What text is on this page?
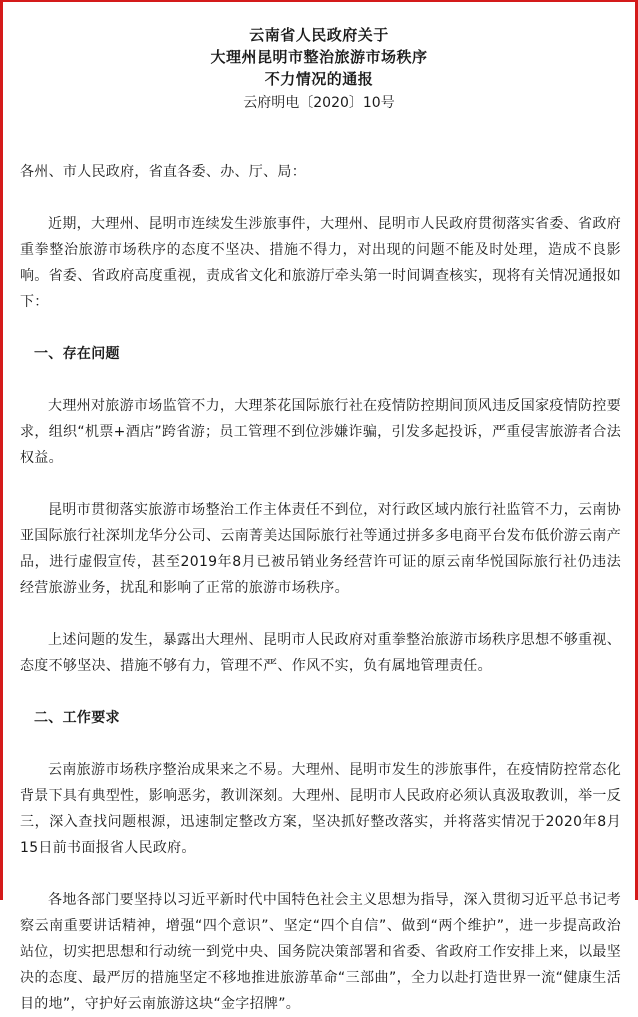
云南省人民政府关于
大理州昆明市整治旅游市场秩序
不力情况的通报
云府明电〔2020〕10号
各州、市人民政府，省直各委、办、厅、局：
近期，大理州、昆明市连续发生涉旅事件，大理州、昆明市人民政府贯彻落实省委、省政府重拳整治旅游市场秩序的态度不坚决、措施不得力，对出现的问题不能及时处理，造成不良影响。省委、省政府高度重视，责成省文化和旅游厅牵头第一时间调查核实，现将有关情况通报如下：
一、存在问题
大理州对旅游市场监管不力，大理茶花国际旅行社在疫情防控期间顶风违反国家疫情防控要求，组织“机票+酒店”跨省游；员工管理不到位涉嫌诈骗，引发多起投诉，严重侵害旅游者合法权益。
昆明市贯彻落实旅游市场整治工作主体责任不到位，对行政区域内旅行社监管不力，云南协亚国际旅行社深圳龙华分公司、云南菁美达国际旅行社等通过拼多多电商平台发布低价游云南产品，进行虚假宣传，甚至2019年8月已被吊销业务经营许可证的原云南华悦国际旅行社仍违法经营旅游业务，扰乱和影响了正常的旅游市场秩序。
上述问题的发生，暴露出大理州、昆明市人民政府对重拳整治旅游市场秩序思想不够重视、态度不够坚决、措施不够有力，管理不严、作风不实，负有属地管理责任。
二、工作要求
云南旅游市场秩序整治成果来之不易。大理州、昆明市发生的涉旅事件，在疫情防控常态化背景下具有典型性，影响恶劣，教训深刻。大理州、昆明市人民政府必须认真汲取教训，举一反三，深入查找问题根源，迅速制定整改方案，坚决抓好整改落实，并将落实情况于2020年8月15日前书面报省人民政府。
各地各部门要坚持以习近平新时代中国特色社会主义思想为指导，深入贯彻习近平总书记考察云南重要讲话精神，增强“四个意识”、坚定“四个自信”、做到“两个维护”，进一步提高政治站位，切实把思想和行动统一到党中央、国务院决策部署和省委、省政府工作安排上来，以最坚决的态度、最严厉的措施坚定不移地推进旅游革命“三部曲”，全力以赴打造世界一流“健康生活目的地”，守护好云南旅游这块“金字招牌”。
